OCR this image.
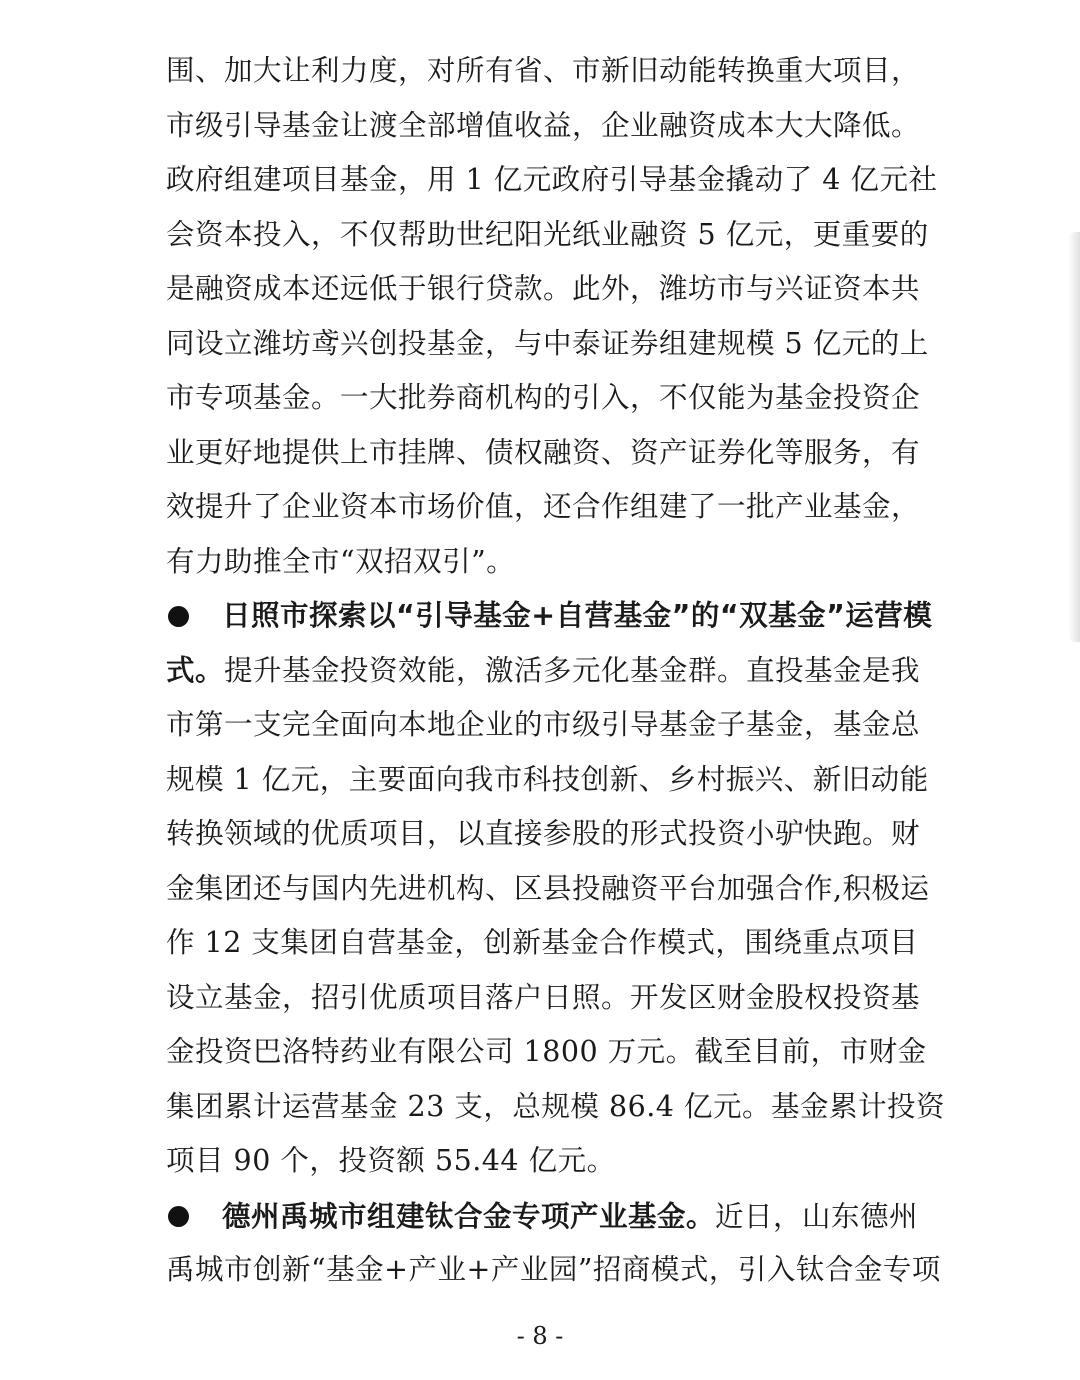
围、加大让利力度，对所有省、市新旧动能转换重大项目，
市级引导基金让渡全部增值收益，企业融资成本大大降低。
政府组建项目基金，用 1 亿元政府引导基金撬动了 4 亿元社
会资本投入，不仅帮助世纪阳光纸业融资 5 亿元，更重要的
是融资成本还远低于银行贷款。此外，潍坊市与兴证资本共
同设立潍坊鸢兴创投基金，与中泰证券组建规模 5 亿元的上
市专项基金。一大批券商机构的引入，不仅能为基金投资企
业更好地提供上市挂牌、债权融资、资产证券化等服务，有
效提升了企业资本市场价值，还合作组建了一批产业基金，
有力助推全市“双招双引”。
日照市探索以“引导基金+自营基金”的“双基金”运营模
式。提升基金投资效能，激活多元化基金群。直投基金是我
市第一支完全面向本地企业的市级引导基金子基金，基金总
规模 1 亿元，主要面向我市科技创新、乡村振兴、新旧动能
转换领域的优质项目，以直接参股的形式投资小驴快跑。财
金集团还与国内先进机构、区县投融资平台加强合作,积极运
作 12 支集团自营基金，创新基金合作模式，围绕重点项目
设立基金，招引优质项目落户日照。开发区财金股权投资基
金投资巴洛特药业有限公司 1800 万元。截至目前，市财金
集团累计运营基金 23 支，总规模 86.4 亿元。基金累计投资
项目 90 个，投资额 55.44 亿元。
德州禹城市组建钛合金专项产业基金。近日，山东德州
禹城市创新“基金+产业+产业园”招商模式，引入钛合金专项
- 8 -
